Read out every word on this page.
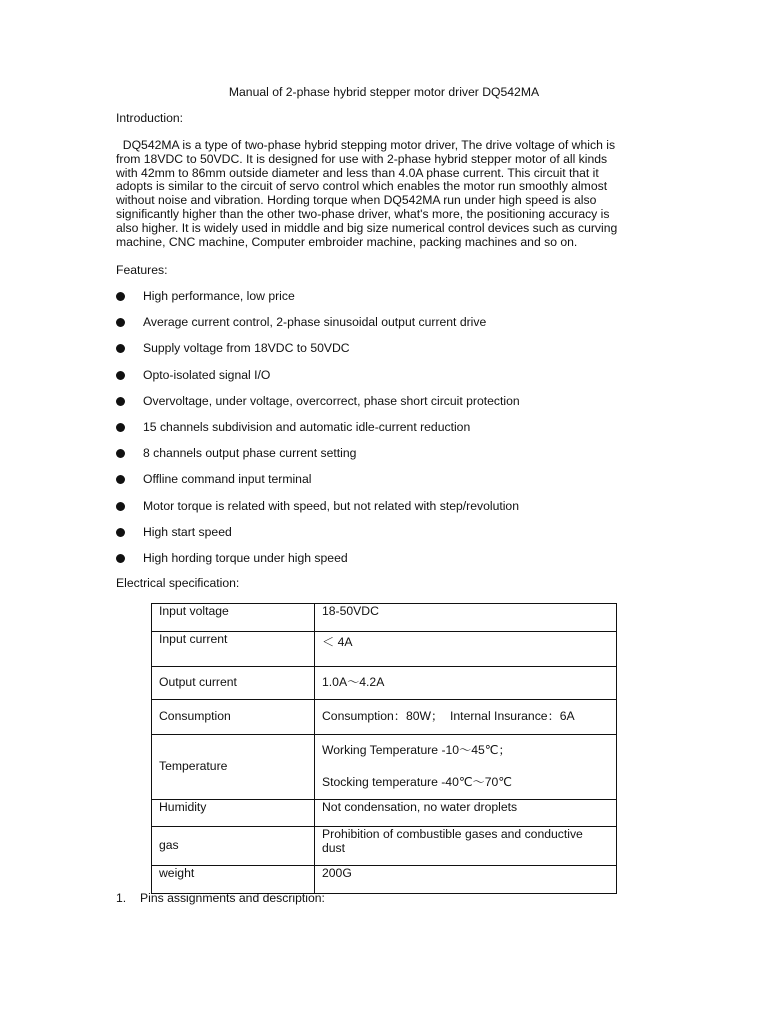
Manual of 2-phase hybrid stepper motor driver DQ542MA
Introduction:
DQ542MA is a type of two-phase hybrid stepping motor driver, The drive voltage of which is
from 18VDC to 50VDC. It is designed for use with 2-phase hybrid stepper motor of all kinds
with 42mm to 86mm outside diameter and less than 4.0A phase current. This circuit that it
adopts is similar to the circuit of servo control which enables the motor run smoothly almost
without noise and vibration. Hording torque when DQ542MA run under high speed is also
significantly higher than the other two-phase driver, what's more, the positioning accuracy is
also higher. It is widely used in middle and big size numerical control devices such as curving
machine, CNC machine, Computer embroider machine, packing machines and so on.
Features:
High performance, low price
Average current control, 2-phase sinusoidal output current drive
Supply voltage from 18VDC to 50VDC
Opto-isolated signal I/O
Overvoltage, under voltage, overcorrect, phase short circuit protection
15 channels subdivision and automatic idle-current reduction
8 channels output phase current setting
Offline command input terminal
Motor torque is related with speed, but not related with step/revolution
High start speed
High hording torque under high speed
Electrical specification:
Input voltage	18-50VDC
Input current	＜ 4A
Output current	1.0A～4.2A
Consumption	Consumption：80W；  Internal Insurance：6A
Temperature	Working Temperature -10～45℃；
Stocking temperature -40℃～70℃

Humidity	Not condensation, no water droplets
gas	Prohibition of combustible gases and conductive dust
weight	200G
1. Pins assignments and description:
